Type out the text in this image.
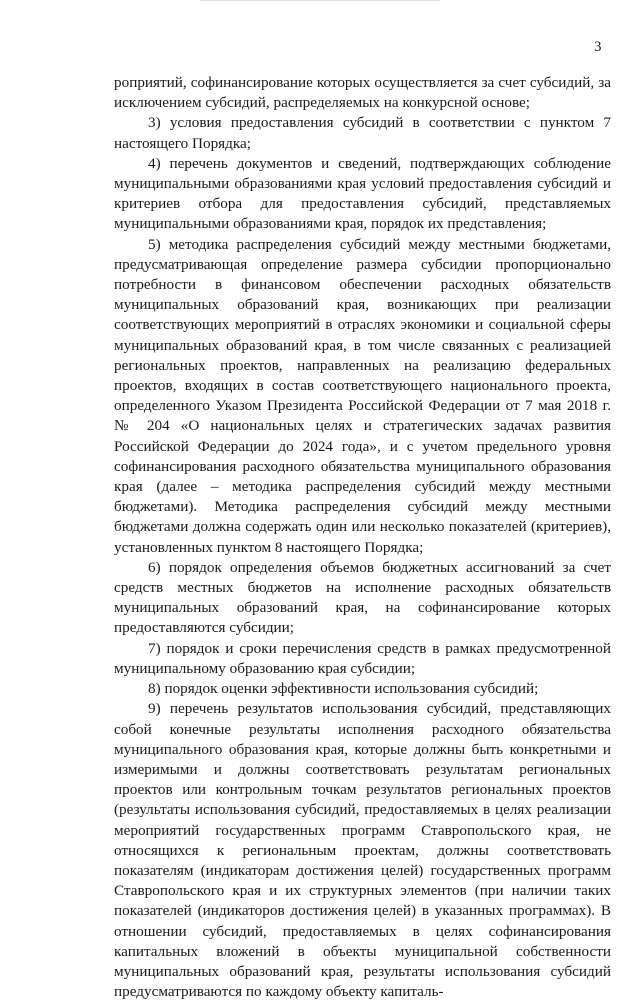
3

роприятий, софинансирование которых осуществляется за счет субсидий, за исключением субсидий, распределяемых на конкурсной основе;

3) условия предоставления субсидий в соответствии с пунктом 7 настоящего Порядка;

4) перечень документов и сведений, подтверждающих соблюдение муниципальными образованиями края условий предоставления субсидий и критериев отбора для предоставления субсидий, представляемых муниципальными образованиями края, порядок их представления;

5) методика распределения субсидий между местными бюджетами, предусматривающая определение размера субсидии пропорционально потребности в финансовом обеспечении расходных обязательств муниципальных образований края, возникающих при реализации соответствующих мероприятий в отраслях экономики и социальной сферы муниципальных образований края, в том числе связанных с реализацией региональных проектов, направленных на реализацию федеральных проектов, входящих в состав соответствующего национального проекта, определенного Указом Президента Российской Федерации от 7 мая 2018 г. № 204 «О национальных целях и стратегических задачах развития Российской Федерации до 2024 года», и с учетом предельного уровня софинансирования расходного обязательства муниципального образования края (далее – методика распределения субсидий между местными бюджетами). Методика распределения субсидий между местными бюджетами должна содержать один или несколько показателей (критериев), установленных пунктом 8 настоящего Порядка;

6) порядок определения объемов бюджетных ассигнований за счет средств местных бюджетов на исполнение расходных обязательств муниципальных образований края, на софинансирование которых предоставляются субсидии;

7) порядок и сроки перечисления средств в рамках предусмотренной муниципальному образованию края субсидии;

8) порядок оценки эффективности использования субсидий;

9) перечень результатов использования субсидий, представляющих собой конечные результаты исполнения расходного обязательства муниципального образования края, которые должны быть конкретными и измеримыми и должны соответствовать результатам региональных проектов или контрольным точкам результатов региональных проектов (результаты использования субсидий, предоставляемых в целях реализации мероприятий государственных программ Ставропольского края, не относящихся к региональным проектам, должны соответствовать показателям (индикаторам достижения целей) государственных программ Ставропольского края и их структурных элементов (при наличии таких показателей (индикаторов достижения целей) в указанных программах). В отношении субсидий, предоставляемых в целях софинансирования капитальных вложений в объекты муниципальной собственности муниципальных образований края, результаты использования субсидий предусматриваются по каждому объекту капиталь-
